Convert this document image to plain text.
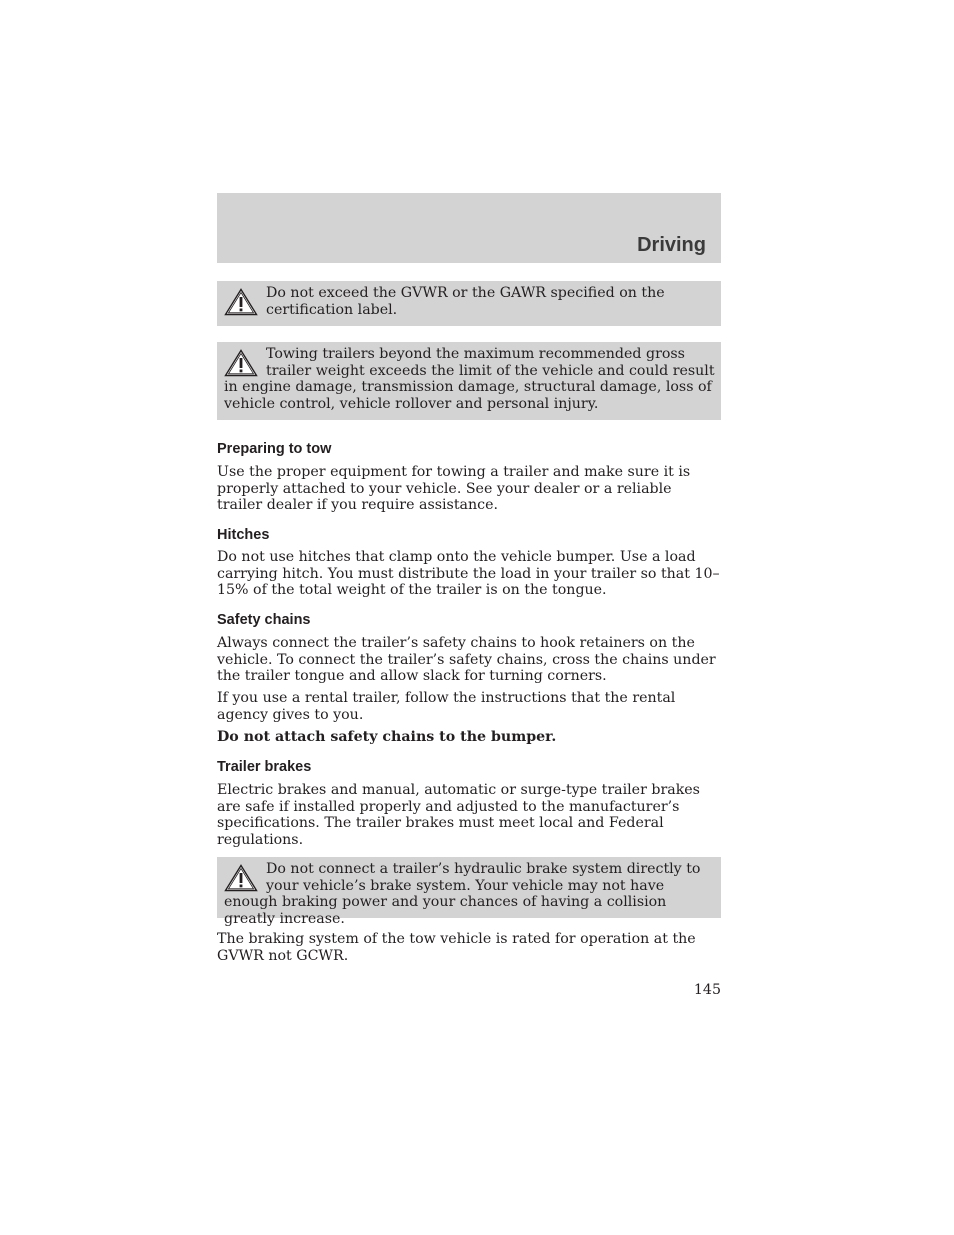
Driving

Do not exceed the GVWR or the GAWR specified on the certification label.

Towing trailers beyond the maximum recommended gross trailer weight exceeds the limit of the vehicle and could result in engine damage, transmission damage, structural damage, loss of vehicle control, vehicle rollover and personal injury.

Preparing to tow

Use the proper equipment for towing a trailer and make sure it is properly attached to your vehicle. See your dealer or a reliable trailer dealer if you require assistance.

Hitches

Do not use hitches that clamp onto the vehicle bumper. Use a load carrying hitch. You must distribute the load in your trailer so that 10–15% of the total weight of the trailer is on the tongue.

Safety chains

Always connect the trailer’s safety chains to hook retainers on the vehicle. To connect the trailer’s safety chains, cross the chains under the trailer tongue and allow slack for turning corners.

If you use a rental trailer, follow the instructions that the rental agency gives to you.

Do not attach safety chains to the bumper.

Trailer brakes

Electric brakes and manual, automatic or surge-type trailer brakes are safe if installed properly and adjusted to the manufacturer’s specifications. The trailer brakes must meet local and Federal regulations.

Do not connect a trailer’s hydraulic brake system directly to your vehicle’s brake system. Your vehicle may not have enough braking power and your chances of having a collision greatly increase.

The braking system of the tow vehicle is rated for operation at the GVWR not GCWR.

145
